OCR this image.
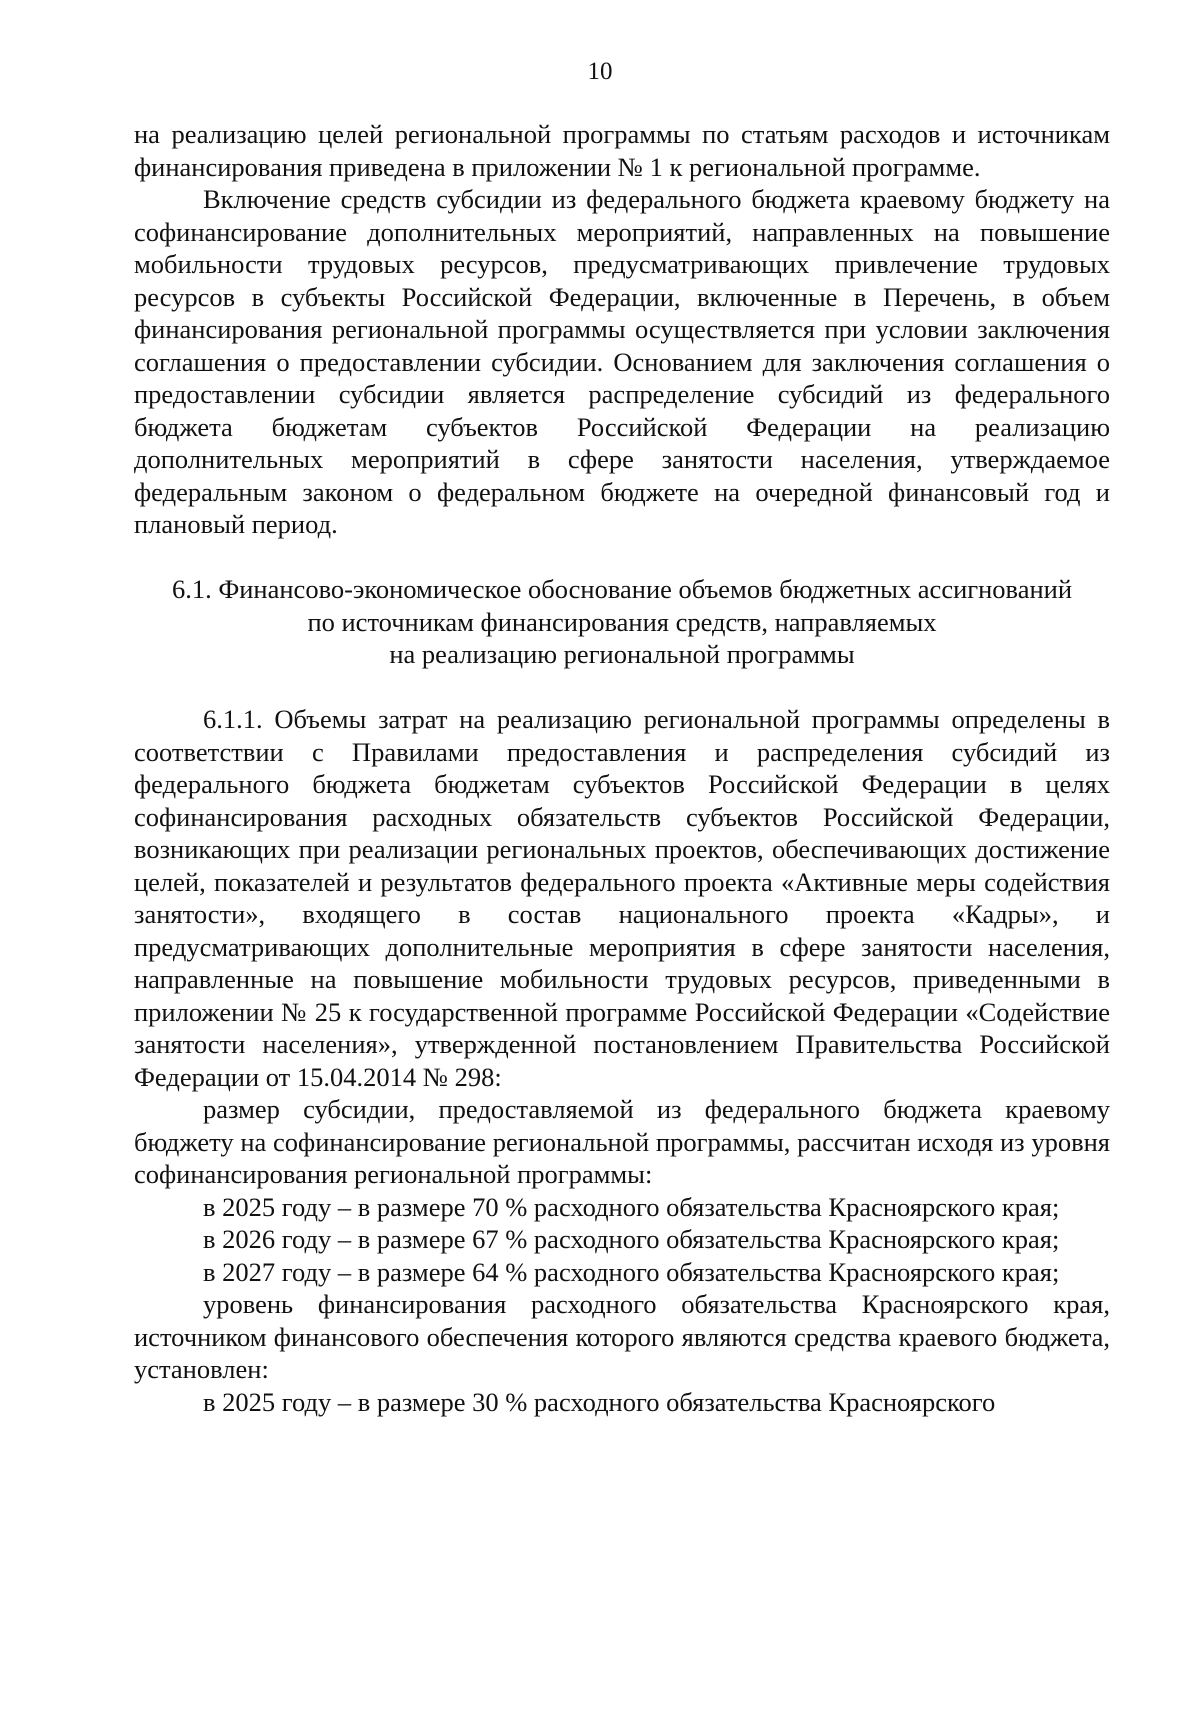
10

на реализацию целей региональной программы по статьям расходов и источникам финансирования приведена в приложении № 1 к региональной программе.

Включение средств субсидии из федерального бюджета краевому бюджету на софинансирование дополнительных мероприятий, направленных на повышение мобильности трудовых ресурсов, предусматривающих привлечение трудовых ресурсов в субъекты Российской Федерации, включенные в Перечень, в объем финансирования региональной программы осуществляется при условии заключения соглашения о предоставлении субсидии. Основанием для заключения соглашения о предоставлении субсидии является распределение субсидий из федерального бюджета бюджетам субъектов Российской Федерации на реализацию дополнительных мероприятий в сфере занятости населения, утверждаемое федеральным законом о федеральном бюджете на очередной финансовый год и плановый период.

6.1. Финансово-экономическое обоснование объемов бюджетных ассигнований

по источникам финансирования средств, направляемых

на реализацию региональной программы

6.1.1. Объемы затрат на реализацию региональной программы определены в соответствии с Правилами предоставления и распределения субсидий из федерального бюджета бюджетам субъектов Российской Федерации в целях софинансирования расходных обязательств субъектов Российской Федерации, возникающих при реализации региональных проектов, обеспечивающих достижение целей, показателей и результатов федерального проекта «Активные меры содействия занятости», входящего в состав национального проекта «Кадры», и предусматривающих дополнительные мероприятия в сфере занятости населения, направленные на повышение мобильности трудовых ресурсов, приведенными в приложении № 25 к государственной программе Российской Федерации «Содействие занятости населения», утвержденной постановлением Правительства Российской Федерации от 15.04.2014 № 298:

размер субсидии, предоставляемой из федерального бюджета краевому бюджету на софинансирование региональной программы, рассчитан исходя из уровня софинансирования региональной программы:

в 2025 году – в размере 70 % расходного обязательства Красноярского края;

в 2026 году – в размере 67 % расходного обязательства Красноярского края;

в 2027 году – в размере 64 % расходного обязательства Красноярского края;

уровень финансирования расходного обязательства Красноярского края, источником финансового обеспечения которого являются средства краевого бюджета, установлен:

в 2025 году – в размере 30 % расходного обязательства Красноярского
